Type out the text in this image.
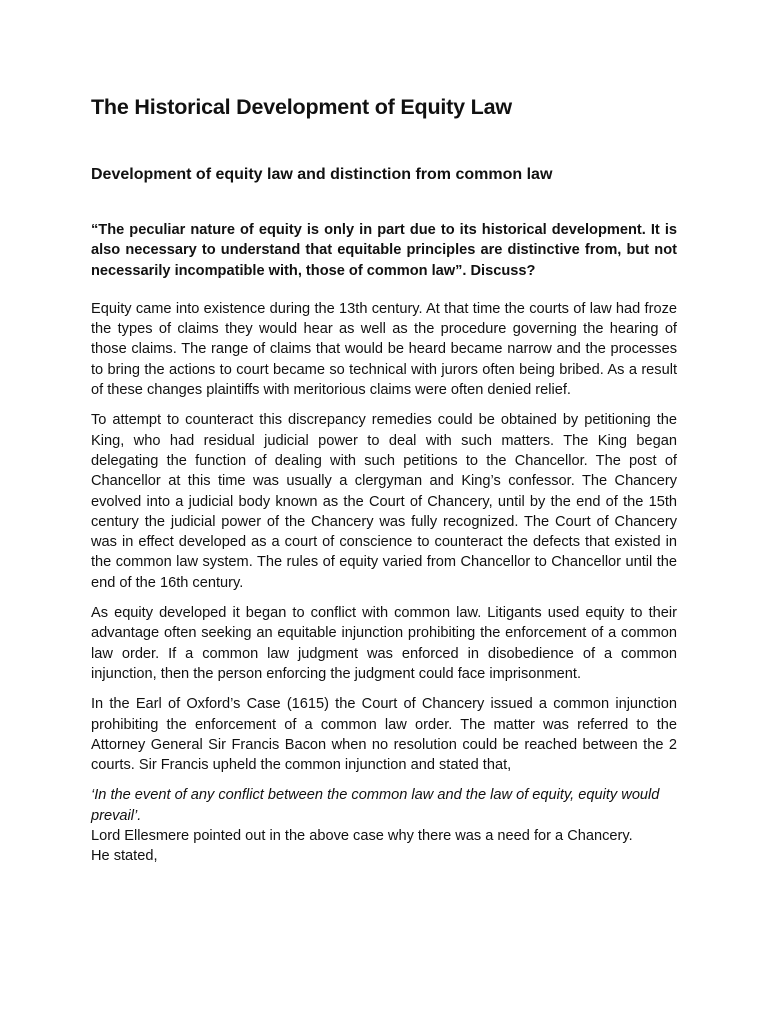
The Historical Development of Equity Law
Development of equity law and distinction from common law

“The peculiar nature of equity is only in part due to its historical development. It is also necessary to understand that equitable principles are distinctive from, but not necessarily incompatible with, those of common law”. Discuss?

Equity came into existence during the 13th century. At that time the courts of law had froze the types of claims they would hear as well as the procedure governing the hearing of those claims. The range of claims that would be heard became narrow and the processes to bring the actions to court became so technical with jurors often being bribed. As a result of these changes plaintiffs with meritorious claims were often denied relief.

To attempt to counteract this discrepancy remedies could be obtained by petitioning the King, who had residual judicial power to deal with such matters. The King began delegating the function of dealing with such petitions to the Chancellor. The post of Chancellor at this time was usually a clergyman and King’s confessor. The Chancery evolved into a judicial body known as the Court of Chancery, until by the end of the 15th century the judicial power of the Chancery was fully recognized. The Court of Chancery was in effect developed as a court of conscience to counteract the defects that existed in the common law system. The rules of equity varied from Chancellor to Chancellor until the end of the 16th century.

As equity developed it began to conflict with common law. Litigants used equity to their advantage often seeking an equitable injunction prohibiting the enforcement of a common law order. If a common law judgment was enforced in disobedience of a common injunction, then the person enforcing the judgment could face imprisonment.

In the Earl of Oxford’s Case (1615) the Court of Chancery issued a common injunction prohibiting the enforcement of a common law order. The matter was referred to the Attorney General Sir Francis Bacon when no resolution could be reached between the 2 courts. Sir Francis upheld the common injunction and stated that,

‘In the event of any conflict between the common law and the law of equity, equity would prevail’.

Lord Ellesmere pointed out in the above case why there was a need for a Chancery.

He stated,
